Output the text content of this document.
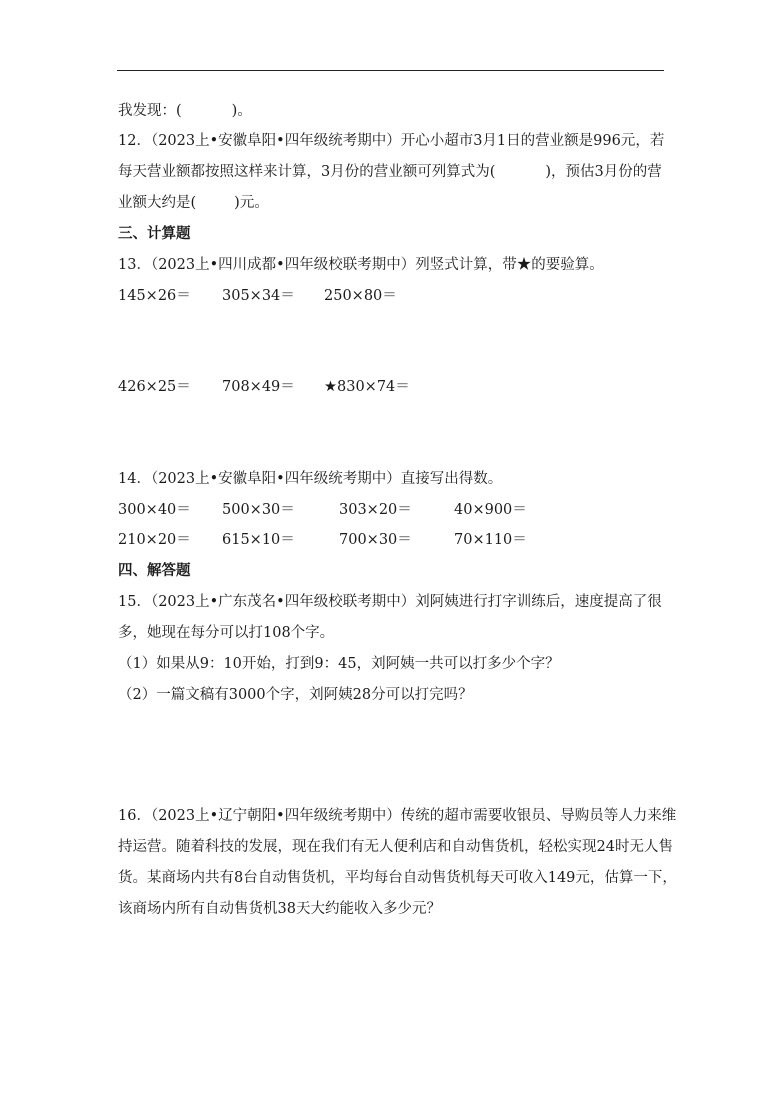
我发现：(	)。
12．（2023上•安徽阜阳•四年级统考期中）开心小超市3月1日的营业额是996元，若
每天营业额都按照这样来计算，3月份的营业额可列算式为(	)，预估3月份的营
业额大约是(	)元。
三、计算题
13．（2023上•四川成都•四年级校联考期中）列竖式计算，带★的要验算。
145×26＝ 305×34＝ 250×80＝
426×25＝ 708×49＝ ★830×74＝
14．（2023上•安徽阜阳•四年级统考期中）直接写出得数。
300×40＝ 500×30＝	303×20＝	40×900＝
210×20＝ 615×10＝	700×30＝	70×110＝
四、解答题
15．（2023上•广东茂名•四年级校联考期中）刘阿姨进行打字训练后，速度提高了很
多，她现在每分可以打108个字。
（1）如果从9：10开始，打到9：45，刘阿姨一共可以打多少个字？
（2）一篇文稿有3000个字，刘阿姨28分可以打完吗？
16．（2023上•辽宁朝阳•四年级统考期中）传统的超市需要收银员、导购员等人力来维
持运营。随着科技的发展，现在我们有无人便利店和自动售货机，轻松实现24时无人售
货。某商场内共有8台自动售货机，平均每台自动售货机每天可收入149元，估算一下，
该商场内所有自动售货机38天大约能收入多少元？
